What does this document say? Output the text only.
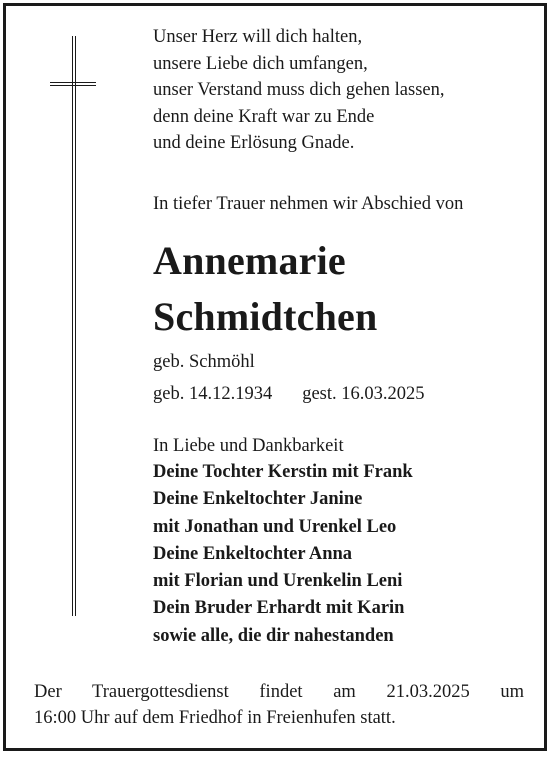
Unser Herz will dich halten,
unsere Liebe dich umfangen,
unser Verstand muss dich gehen lassen,
denn deine Kraft war zu Ende
und deine Erlösung Gnade.
In tiefer Trauer nehmen wir Abschied von
Annemarie
Schmidtchen
geb. Schmöhl
geb. 14.12.1934 gest. 16.03.2025
In Liebe und Dankbarkeit
Deine Tochter Kerstin mit Frank
Deine Enkeltochter Janine
mit Jonathan und Urenkel Leo
Deine Enkeltochter Anna
mit Florian und Urenkelin Leni
Dein Bruder Erhardt mit Karin
sowie alle, die dir nahestanden
Der Trauergottesdienst findet am 21.03.2025 um
16:00 Uhr auf dem Friedhof in Freienhufen statt.
